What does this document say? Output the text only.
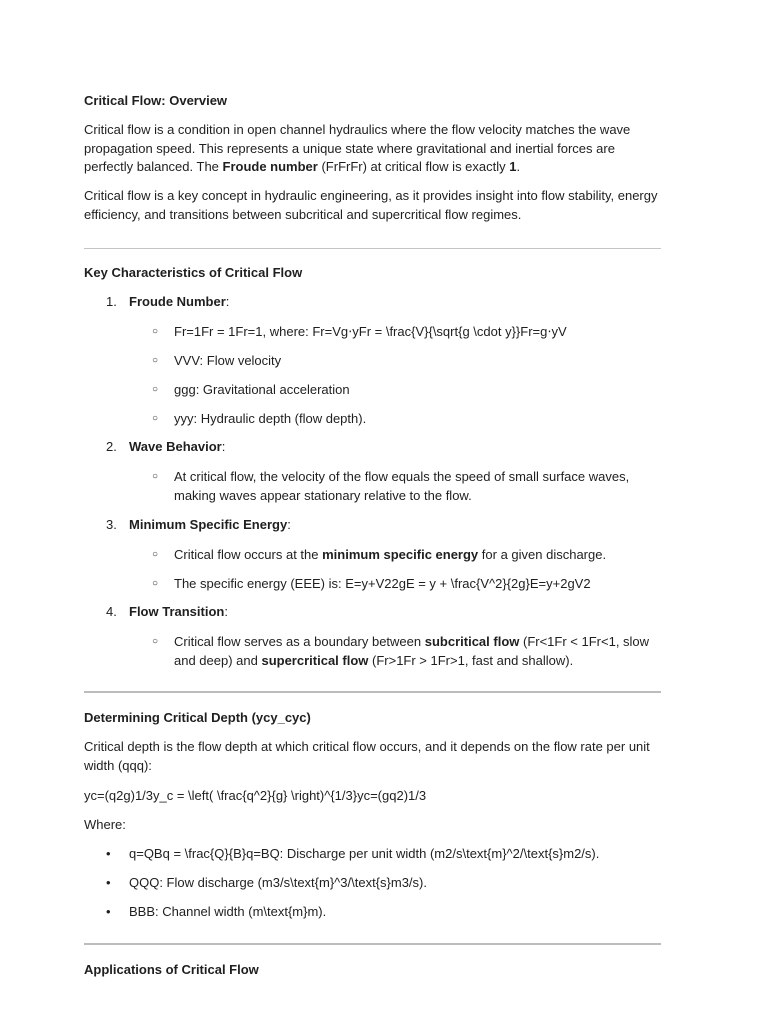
Critical Flow: Overview
Critical flow is a condition in open channel hydraulics where the flow velocity matches the wave propagation speed. This represents a unique state where gravitational and inertial forces are perfectly balanced. The Froude number (FrFrFr) at critical flow is exactly 1.
Critical flow is a key concept in hydraulic engineering, as it provides insight into flow stability, energy efficiency, and transitions between subcritical and supercritical flow regimes.
Key Characteristics of Critical Flow
1. Froude Number:
○ Fr=1Fr = 1Fr=1, where: Fr=Vg⋅yFr = \frac{V}{\sqrt{g \cdot y}}Fr=g⋅yV
○ VVV: Flow velocity
○ ggg: Gravitational acceleration
○ yyy: Hydraulic depth (flow depth).
2. Wave Behavior:
○ At critical flow, the velocity of the flow equals the speed of small surface waves, making waves appear stationary relative to the flow.
3. Minimum Specific Energy:
○ Critical flow occurs at the minimum specific energy for a given discharge.
○ The specific energy (EEE) is: E=y+V22gE = y + \frac{V^2}{2g}E=y+2gV2
4. Flow Transition:
○ Critical flow serves as a boundary between subcritical flow (Fr<1Fr < 1Fr<1, slow and deep) and supercritical flow (Fr>1Fr > 1Fr>1, fast and shallow).
Determining Critical Depth (ycy_cyc)
Critical depth is the flow depth at which critical flow occurs, and it depends on the flow rate per unit width (qqq):
yc=(q2g)1/3y_c = \left( \frac{q^2}{g} \right)^{1/3}yc=(gq2)1/3
Where:
• q=QBq = \frac{Q}{B}q=BQ: Discharge per unit width (m2/s\text{m}^2/\text{s}m2/s).
• QQQ: Flow discharge (m3/s\text{m}^3/\text{s}m3/s).
• BBB: Channel width (m\text{m}m).
Applications of Critical Flow
